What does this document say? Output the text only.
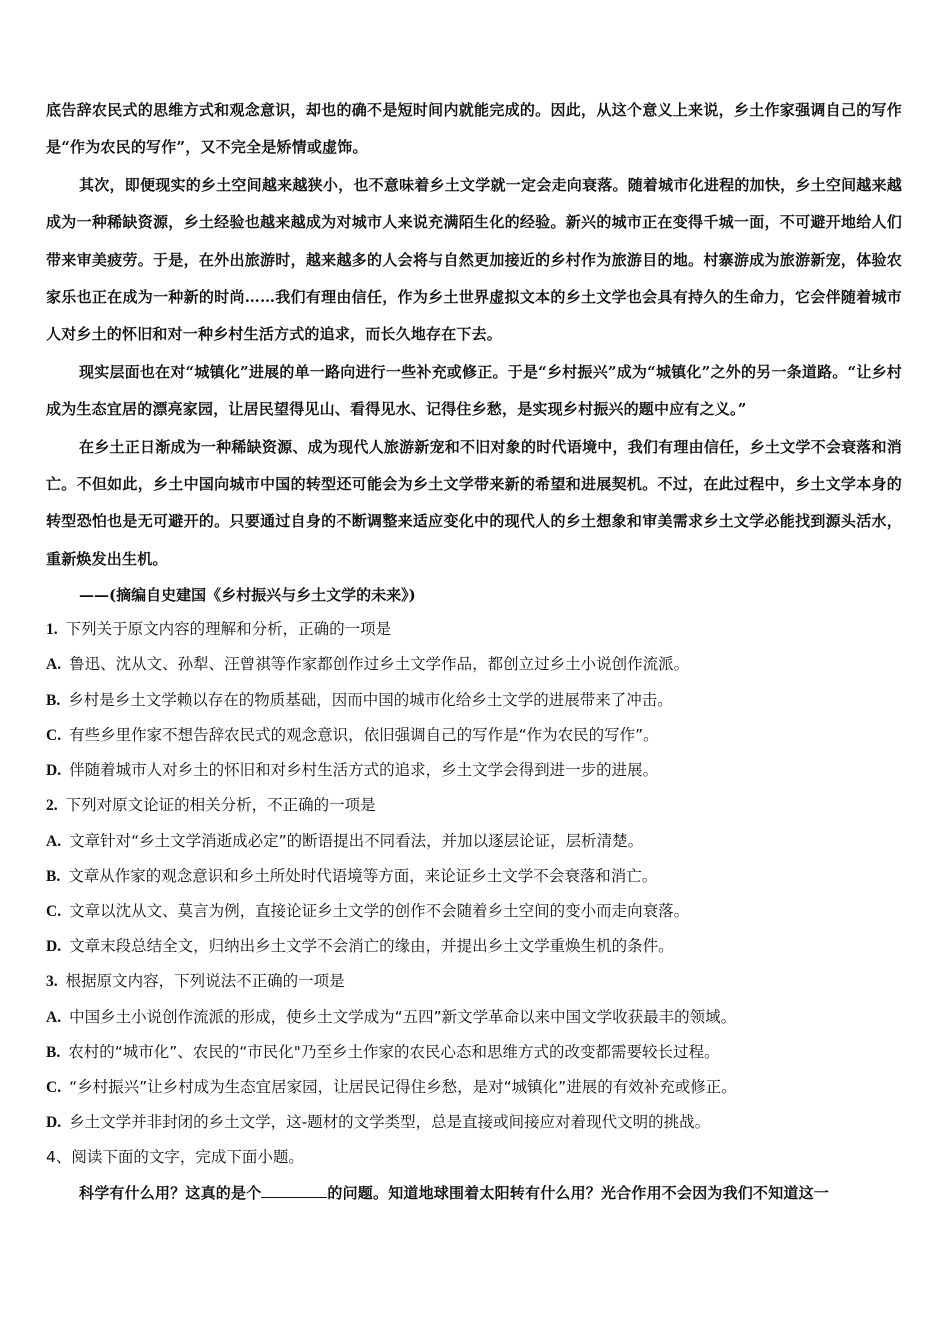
底告辞农民式的思维方式和观念意识，却也的确不是短时间内就能完成的。因此，从这个意义上来说，乡土作家强调自己的写作是“作为农民的写作”，又不完全是矫情或虚饰。

其次，即便现实的乡土空间越来越狭小，也不意味着乡土文学就一定会走向衰落。随着城市化进程的加快，乡土空间越来越成为一种稀缺资源，乡土经验也越来越成为对城市人来说充满陌生化的经验。新兴的城市正在变得千城一面，不可避开地给人们带来审美疲劳。于是，在外出旅游时，越来越多的人会将与自然更加接近的乡村作为旅游目的地。村寨游成为旅游新宠，体验农家乐也正在成为一种新的时尚……我们有理由信任，作为乡土世界虚拟文本的乡土文学也会具有持久的生命力，它会伴随着城市人对乡土的怀旧和对一种乡村生活方式的追求，而长久地存在下去。

现实层面也在对“城镇化”进展的单一路向进行一些补充或修正。于是“乡村振兴”成为“城镇化”之外的另一条道路。“让乡村成为生态宜居的漂亮家园，让居民望得见山、看得见水、记得住乡愁，是实现乡村振兴的题中应有之义。”

在乡土正日渐成为一种稀缺资源、成为现代人旅游新宠和不旧对象的时代语境中，我们有理由信任，乡土文学不会衰落和消亡。不但如此，乡土中国向城市中国的转型还可能会为乡土文学带来新的希望和进展契机。不过，在此过程中，乡土文学本身的转型恐怕也是无可避开的。只要通过自身的不断调整来适应变化中的现代人的乡土想象和审美需求乡土文学必能找到源头活水，重新焕发出生机。

——(摘编自史建国《乡村振兴与乡土文学的未来》)

1. 下列关于原文内容的理解和分析，正确的一项是

A. 鲁迅、沈从文、孙犁、汪曾祺等作家都创作过乡土文学作品，都创立过乡土小说创作流派。

B. 乡村是乡土文学赖以存在的物质基础，因而中国的城市化给乡土文学的进展带来了冲击。

C. 有些乡里作家不想告辞农民式的观念意识，依旧强调自己的写作是“作为农民的写作”。

D. 伴随着城市人对乡土的怀旧和对乡村生活方式的追求，乡土文学会得到进一步的进展。

2. 下列对原文论证的相关分析，不正确的一项是

A. 文章针对“乡土文学消逝成必定”的断语提出不同看法，并加以逐层论证，层析清楚。

B. 文章从作家的观念意识和乡土所处时代语境等方面，来论证乡土文学不会衰落和消亡。

C. 文章以沈从文、莫言为例，直接论证乡土文学的创作不会随着乡土空间的变小而走向衰落。

D. 文章末段总结全文，归纳出乡土文学不会消亡的缘由，并提出乡土文学重焕生机的条件。

3. 根据原文内容，下列说法不正确的一项是

A. 中国乡土小说创作流派的形成，使乡土文学成为“五四”新文学革命以来中国文学收获最丰的领域。

B. 农村的“城市化”、农民的“市民化"乃至乡土作家的农民心态和思维方式的改变都需要较长过程。

C. “乡村振兴”让乡村成为生态宜居家园，让居民记得住乡愁，是对“城镇化”进展的有效补充或修正。

D. 乡土文学并非封闭的乡土文学，这-题材的文学类型，总是直接或间接应对着现代文明的挑战。

4、阅读下面的文字，完成下面小题。

科学有什么用？这真的是个	的问题。知道地球围着太阳转有什么用？光合作用不会因为我们不知道这一
